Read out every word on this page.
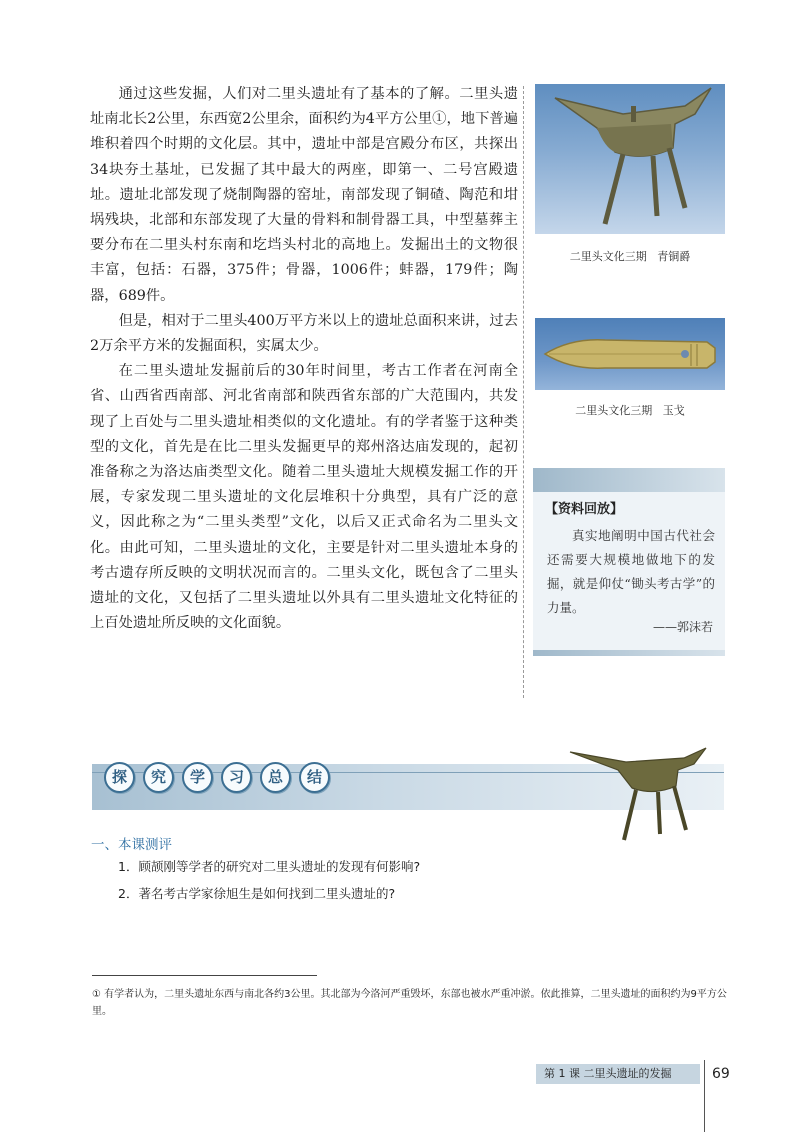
通过这些发掘，人们对二里头遗址有了基本的了解。二里头遗址南北长2公里，东西宽2公里余，面积约为4平方公里①，地下普遍堆积着四个时期的文化层。其中，遗址中部是宫殿分布区，共探出34块夯土基址，已发掘了其中最大的两座，即第一、二号宫殿遗址。遗址北部发现了烧制陶器的窑址，南部发现了铜碴、陶范和坩埚残块，北部和东部发现了大量的骨料和制骨器工具，中型墓葬主要分布在二里头村东南和圪垱头村北的高地上。发掘出土的文物很丰富，包括：石器，375件；骨器，1006件；蚌器，179件；陶器，689件。

但是，相对于二里头400万平方米以上的遗址总面积来讲，过去2万余平方米的发掘面积，实属太少。

在二里头遗址发掘前后的30年时间里，考古工作者在河南全省、山西省西南部、河北省南部和陕西省东部的广大范围内，共发现了上百处与二里头遗址相类似的文化遗址。有的学者鉴于这种类型的文化，首先是在比二里头发掘更早的郑州洛达庙发现的，起初准备称之为洛达庙类型文化。随着二里头遗址大规模发掘工作的开展，专家发现二里头遗址的文化层堆积十分典型，具有广泛的意义，因此称之为“二里头类型”文化，以后又正式命名为二里头文化。由此可知，二里头遗址的文化，主要是针对二里头遗址本身的考古遗存所反映的文明状况而言的。二里头文化，既包含了二里头遗址的文化，又包括了二里头遗址以外具有二里头遗址文化特征的上百处遗址所反映的文化面貌。

二里头文化三期   青铜爵
二里头文化三期   玉戈
【资料回放】
真实地阐明中国古代社会还需要大规模地做地下的发掘，就是仰仗“锄头考古学”的力量。
——郭沫若
探	究	学	习	总	结
一、本课测评
1．顾颉刚等学者的研究对二里头遗址的发现有何影响?
2．著名考古学家徐旭生是如何找到二里头遗址的?
① 有学者认为，二里头遗址东西与南北各约3公里。其北部为今洛河严重毁坏，东部也被水严重冲淤。依此推算，二里头遗址的面积约为9平方公里。
第 1 课 二里头遗址的发掘	69
